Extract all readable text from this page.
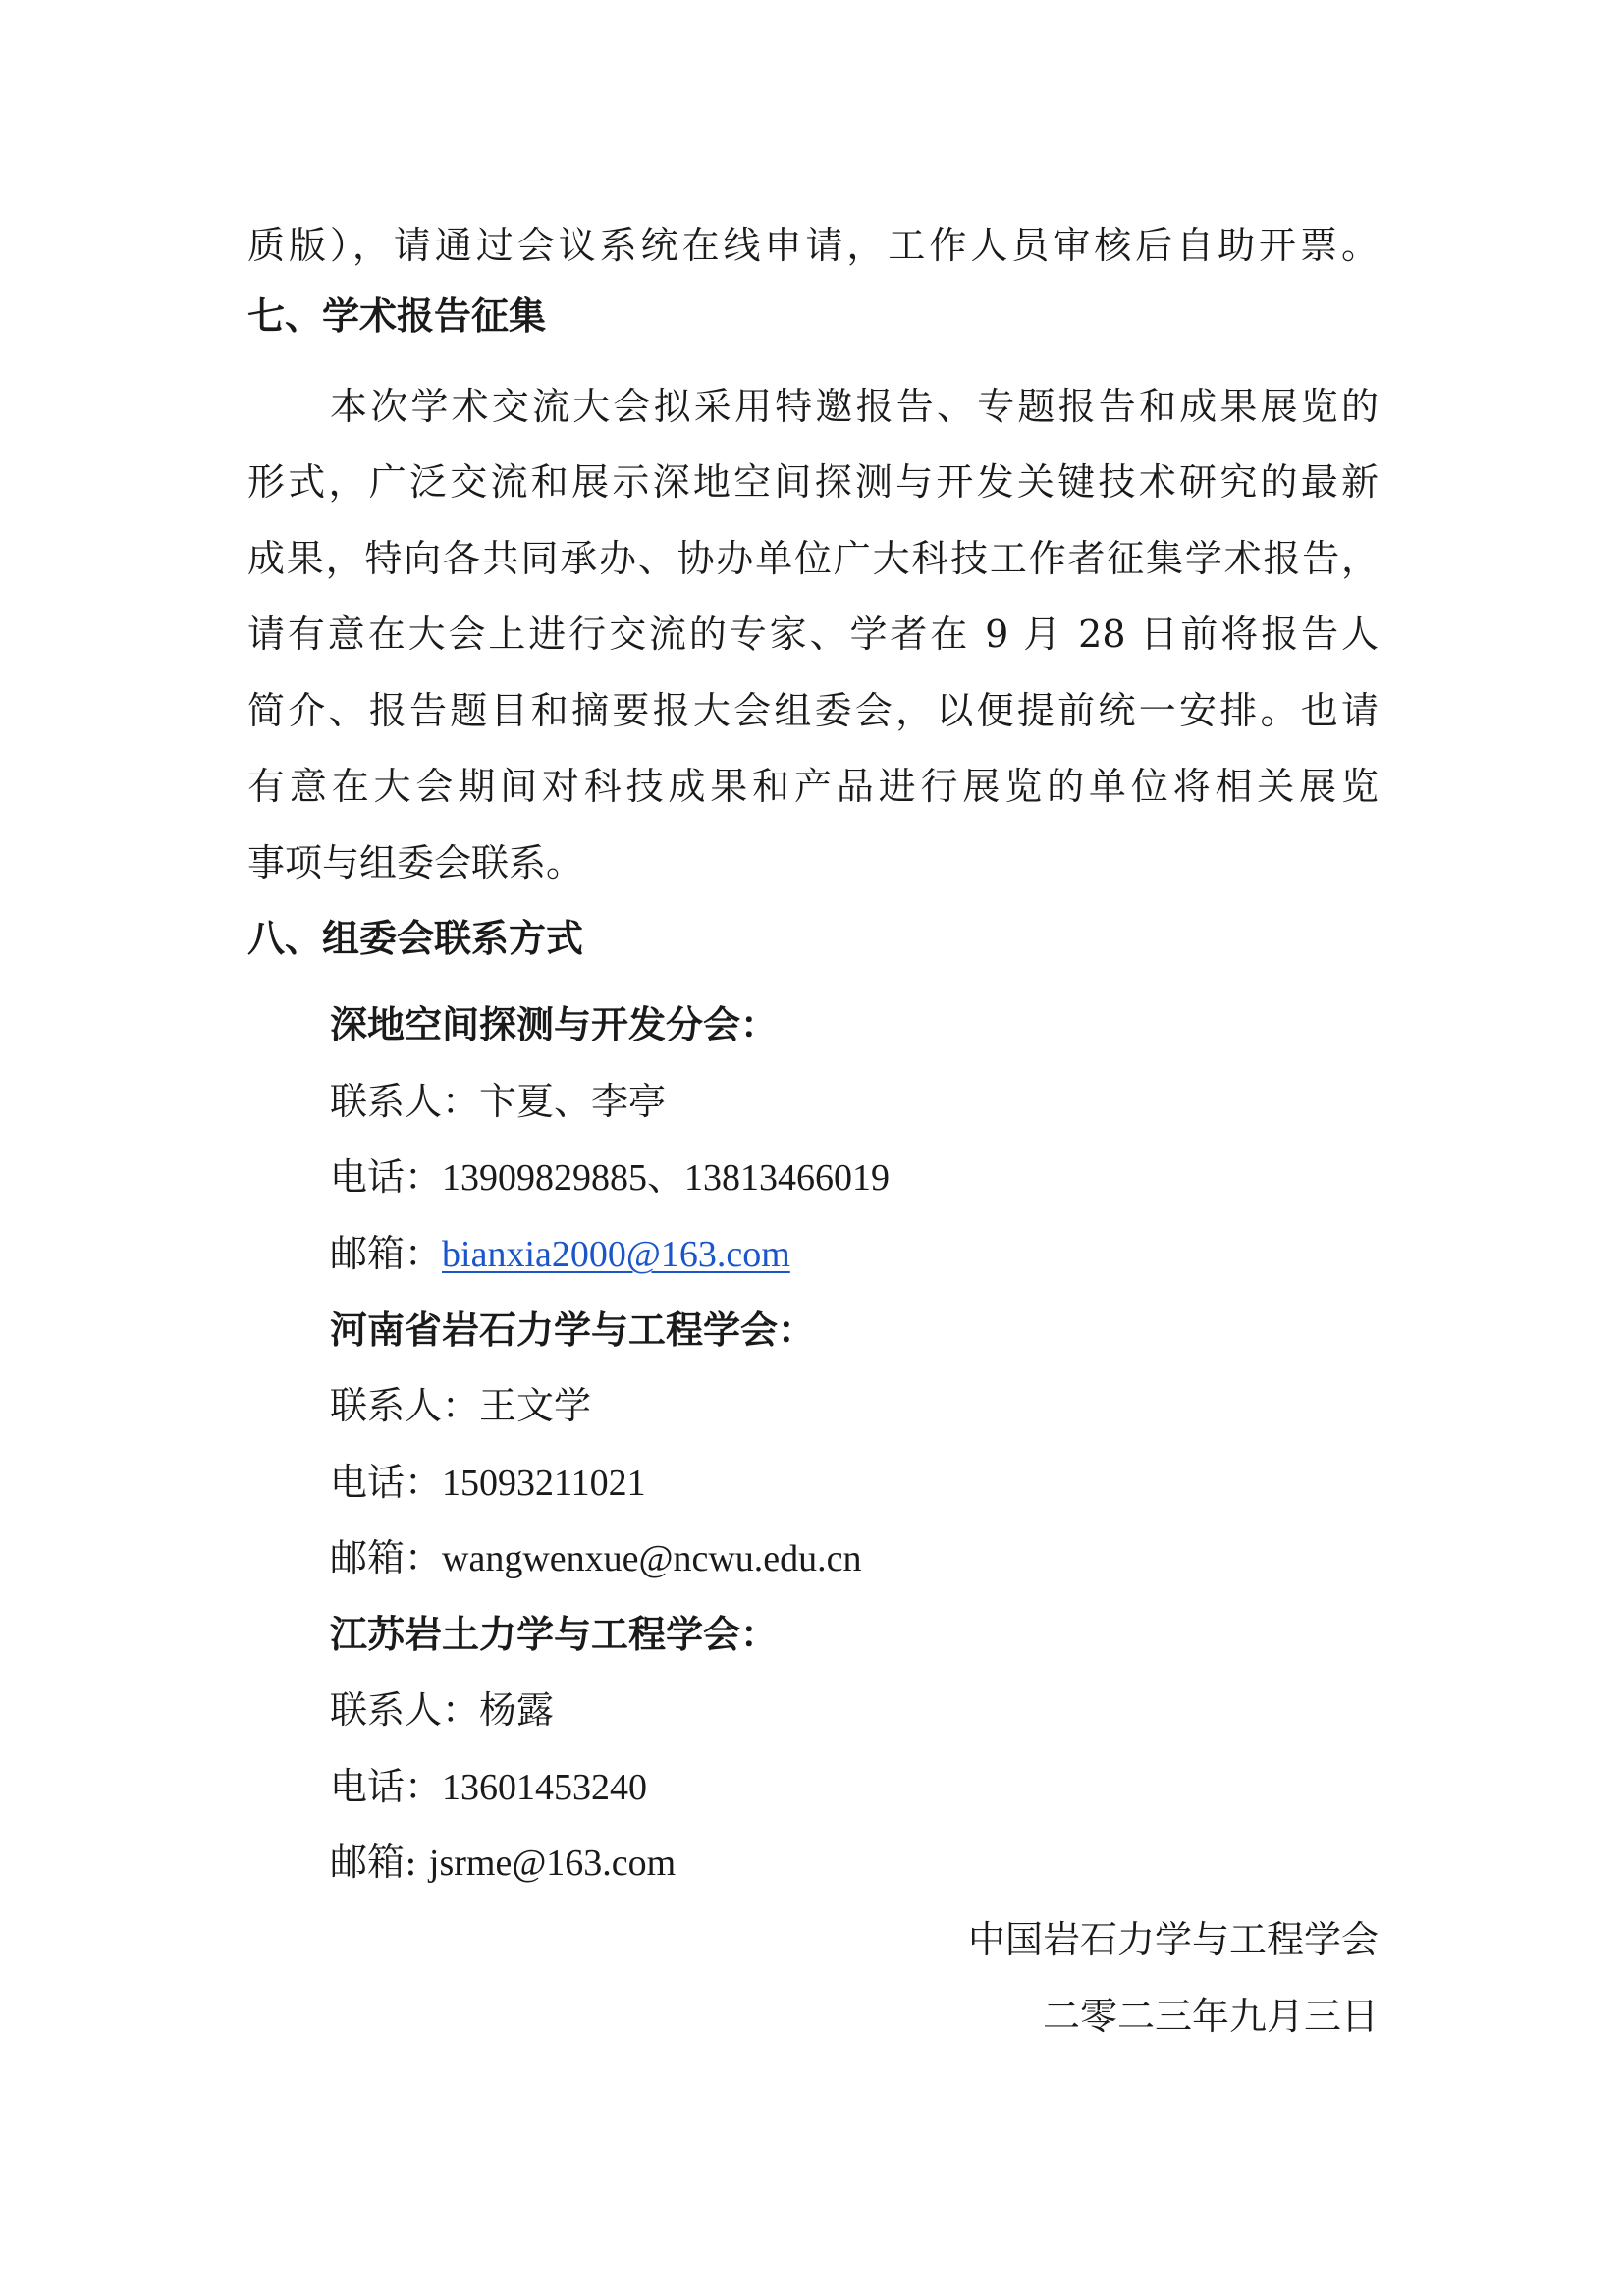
质版），请通过会议系统在线申请，工作人员审核后自助开票。
七、学术报告征集
本次学术交流大会拟采用特邀报告、专题报告和成果展览的
形式，广泛交流和展示深地空间探测与开发关键技术研究的最新
成果，特向各共同承办、协办单位广大科技工作者征集学术报告，
请有意在大会上进行交流的专家、学者在 9 月 28 日前将报告人
简介、报告题目和摘要报大会组委会，以便提前统一安排。也请
有意在大会期间对科技成果和产品进行展览的单位将相关展览
事项与组委会联系。
八、组委会联系方式
深地空间探测与开发分会：
联系人：卞夏、李亭
电话：13909829885、13813466019
邮箱：bianxia2000@163.com
河南省岩石力学与工程学会：
联系人：王文学
电话：15093211021
邮箱：wangwenxue@ncwu.edu.cn
江苏岩土力学与工程学会：
联系人：杨露
电话：13601453240
邮箱: jsrme@163.com
中国岩石力学与工程学会
二零二三年九月三日
